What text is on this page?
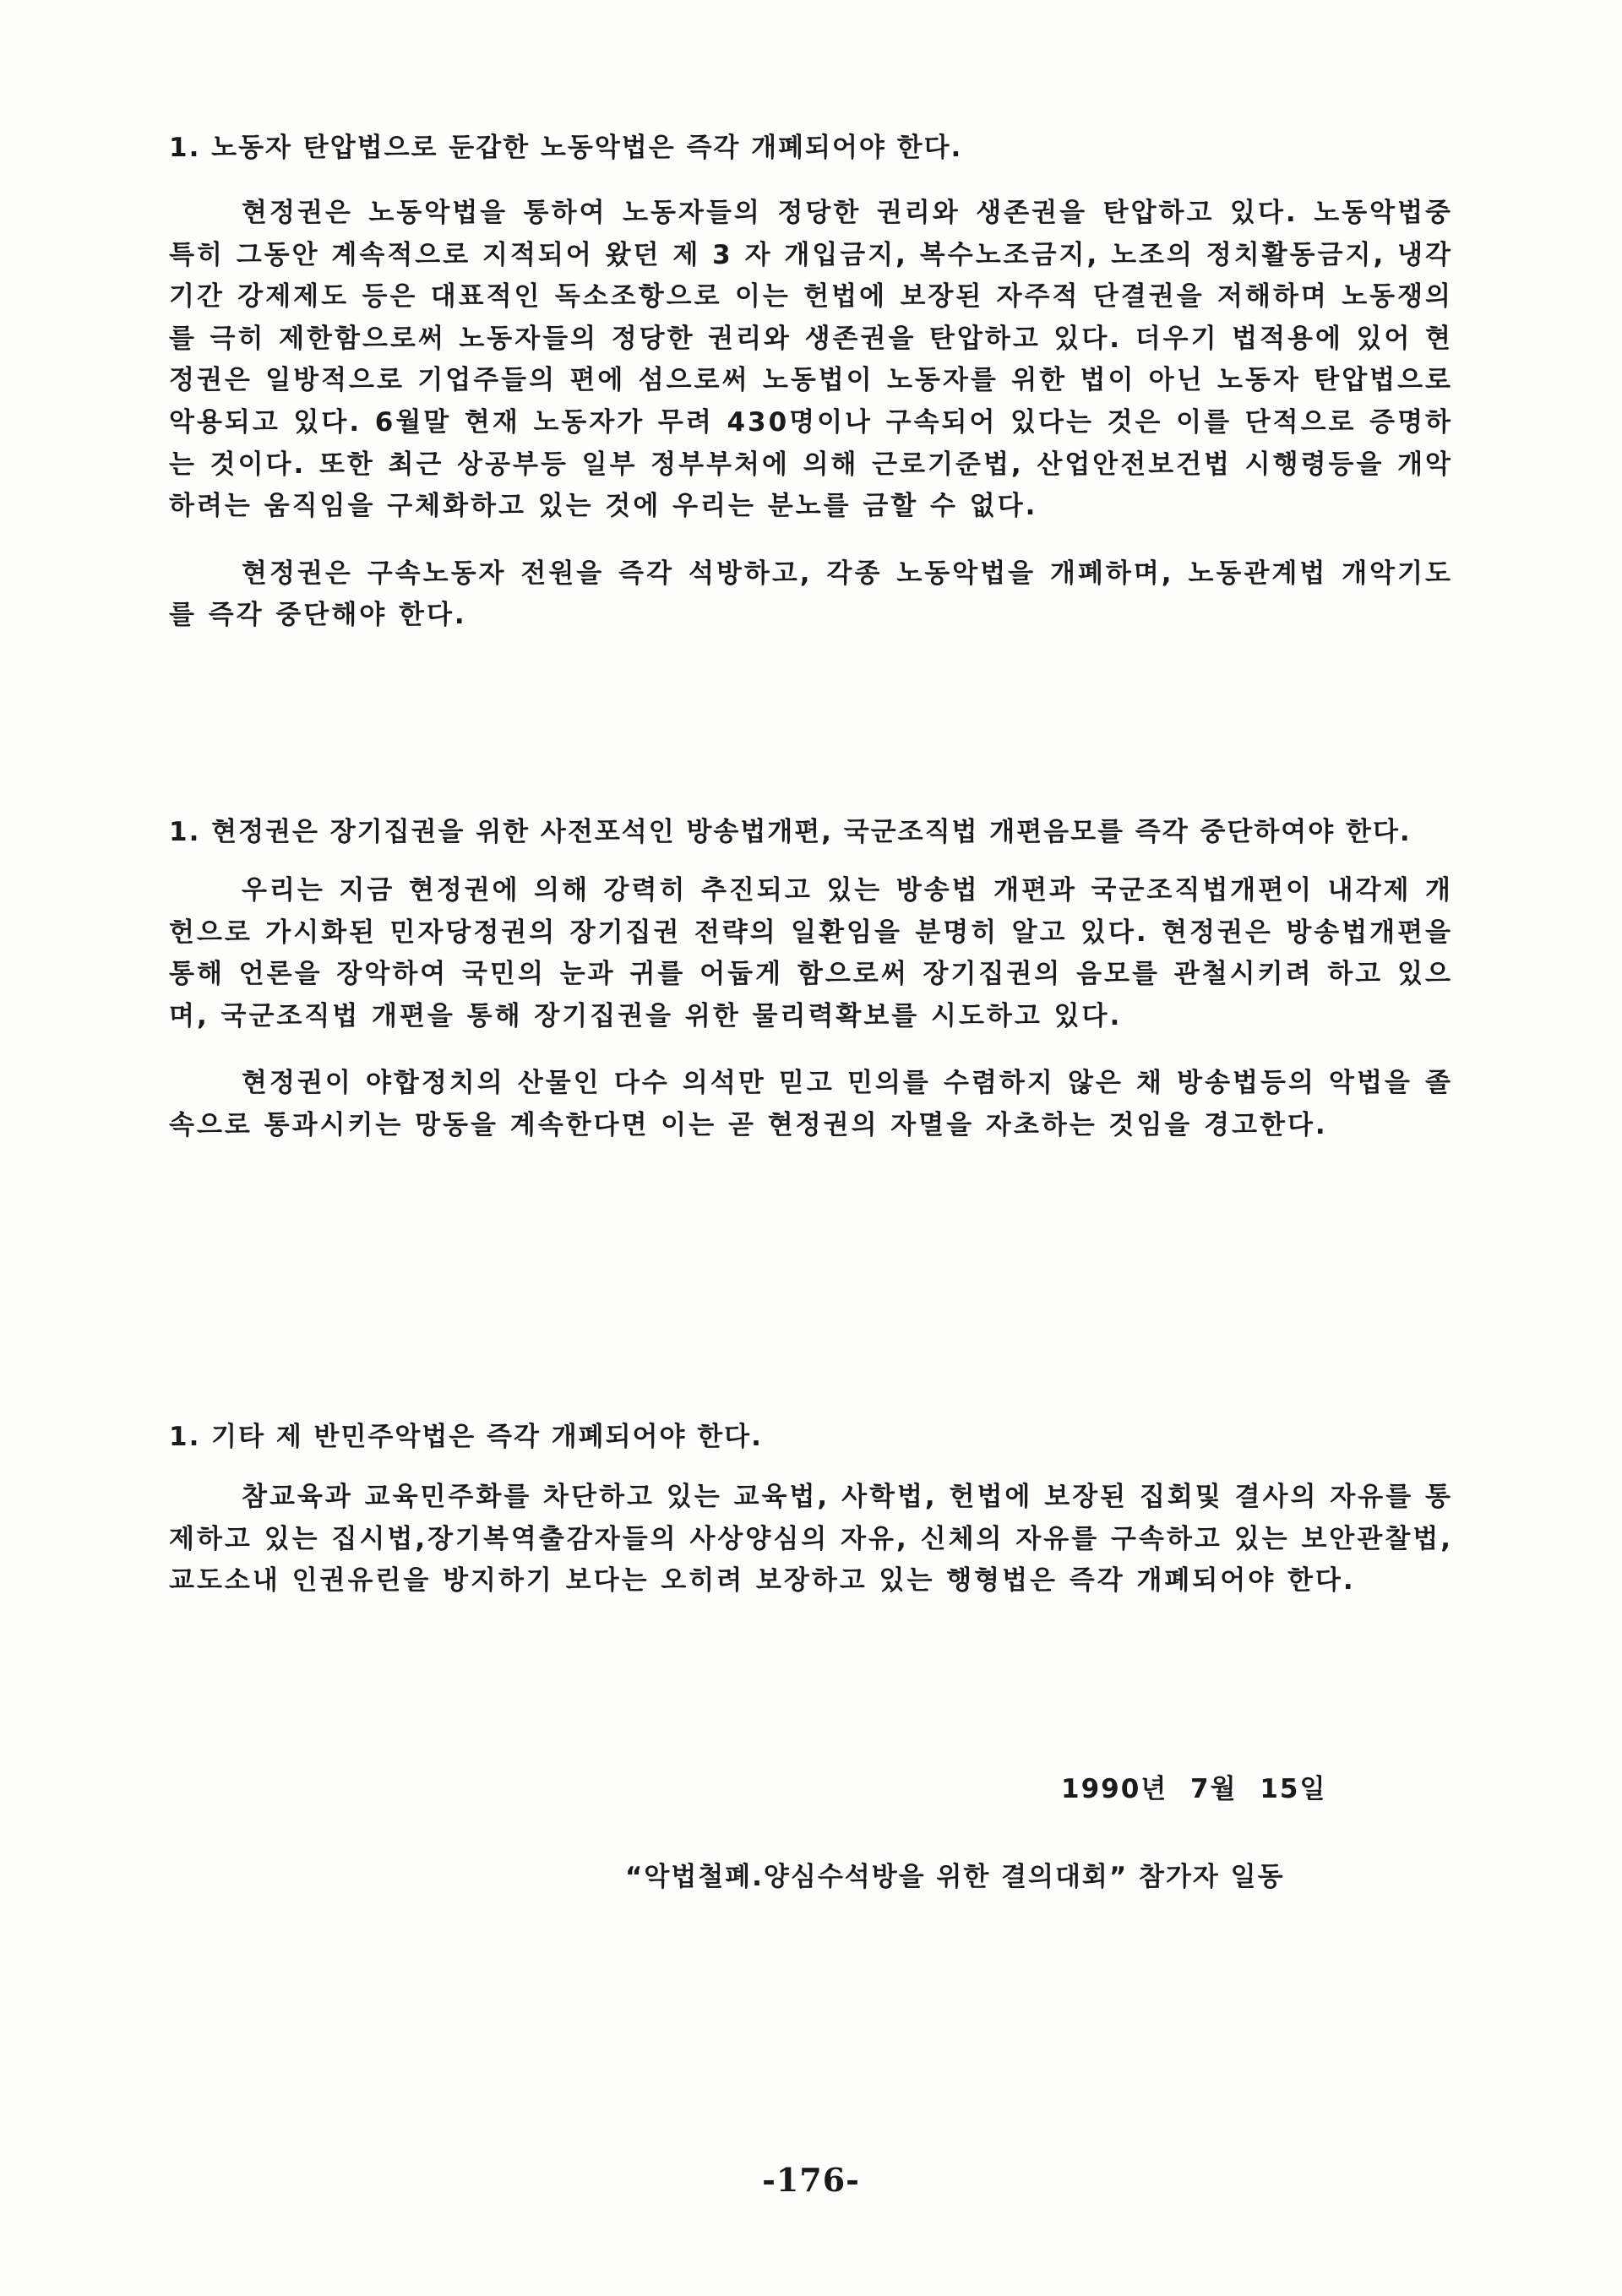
1. 노동자 탄압법으로 둔갑한 노동악법은 즉각 개폐되어야 한다.

현정권은 노동악법을 통하여 노동자들의 정당한 권리와 생존권을 탄압하고 있다. 노동악법중 특히 그동안 계속적으로 지적되어 왔던 제 3 자 개입금지, 복수노조금지, 노조의 정치활동금지, 냉각기간 강제제도 등은 대표적인 독소조항으로 이는 헌법에 보장된 자주적 단결권을 저해하며 노동쟁의를 극히 제한함으로써 노동자들의 정당한 권리와 생존권을 탄압하고 있다. 더우기 법적용에 있어 현정권은 일방적으로 기업주들의 편에 섬으로써 노동법이 노동자를 위한 법이 아닌 노동자 탄압법으로 악용되고 있다. 6월말 현재 노동자가 무려 430명이나 구속되어 있다는 것은 이를 단적으로 증명하는 것이다. 또한 최근 상공부등 일부 정부부처에 의해 근로기준법, 산업안전보건법 시행령등을 개악하려는 움직임을 구체화하고 있는 것에 우리는 분노를 금할 수 없다.

현정권은 구속노동자 전원을 즉각 석방하고, 각종 노동악법을 개폐하며, 노동관계법 개악기도를 즉각 중단해야 한다.

1. 현정권은 장기집권을 위한 사전포석인 방송법개편, 국군조직법 개편음모를 즉각 중단하여야 한다.

우리는 지금 현정권에 의해 강력히 추진되고 있는 방송법 개편과 국군조직법개편이 내각제 개헌으로 가시화된 민자당정권의 장기집권 전략의 일환임을 분명히 알고 있다. 현정권은 방송법개편을 통해 언론을 장악하여 국민의 눈과 귀를 어둡게 함으로써 장기집권의 음모를 관철시키려 하고 있으며, 국군조직법 개편을 통해 장기집권을 위한 물리력확보를 시도하고 있다.

현정권이 야합정치의 산물인 다수 의석만 믿고 민의를 수렴하지 않은 채 방송법등의 악법을 졸속으로 통과시키는 망동을 계속한다면 이는 곧 현정권의 자멸을 자초하는 것임을 경고한다.

1. 기타 제 반민주악법은 즉각 개폐되어야 한다.

참교육과 교육민주화를 차단하고 있는 교육법, 사학법, 헌법에 보장된 집회및 결사의 자유를 통제하고 있는 집시법,장기복역출감자들의 사상양심의 자유, 신체의 자유를 구속하고 있는 보안관찰법, 교도소내 인권유린을 방지하기 보다는 오히려 보장하고 있는 행형법은 즉각 개폐되어야 한다.

1990년 7월 15일
“악법철폐.양심수석방을 위한 결의대회” 참가자 일동
-176-
